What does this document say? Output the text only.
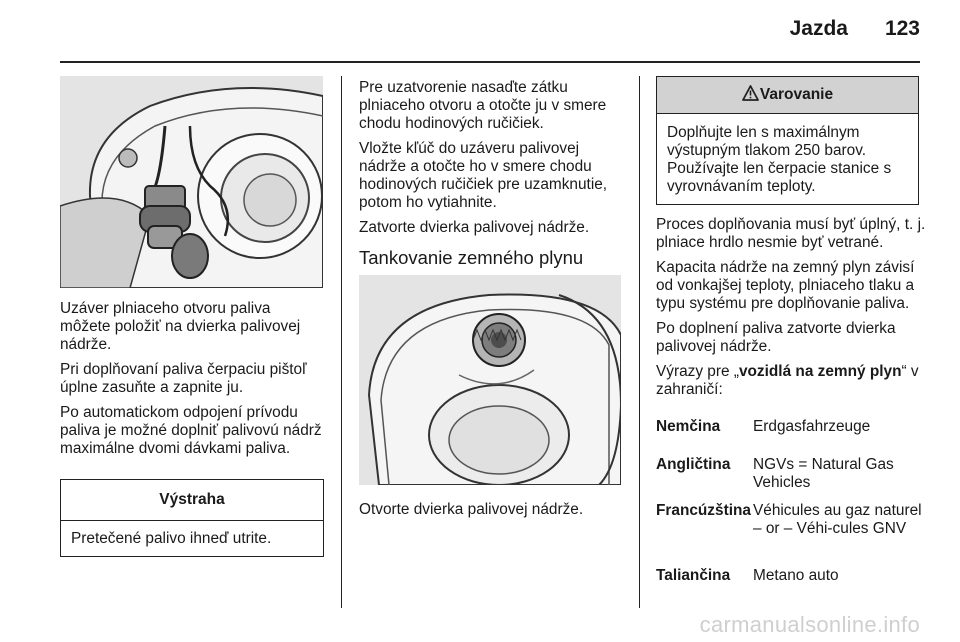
Jazda 123

Uzáver plniaceho otvoru paliva môžete položiť na dvierka palivovej nádrže.

Pri doplňovaní paliva čerpaciu pištoľ úplne zasuňte a zapnite ju.

Po automatickom odpojení prívodu paliva je možné doplniť palivovú nádrž maximálne dvomi dávkami paliva.

Výstraha
Pretečené palivo ihneď utrite.

Pre uzatvorenie nasaďte zátku plniaceho otvoru a otočte ju v smere chodu hodinových ručičiek.

Vložte kľúč do uzáveru palivovej nádrže a otočte ho v smere chodu hodinových ručičiek pre uzamknutie, potom ho vytiahnite.

Zatvorte dvierka palivovej nádrže.

Tankovanie zemného plynu
Otvorte dvierka palivovej nádrže.
Varovanie
Doplňujte len s maximálnym výstupným tlakom 250 barov. Používajte len čerpacie stanice s vyrovnávaním teploty.

Proces doplňovania musí byť úplný, t. j. plniace hrdlo nesmie byť vetrané.

Kapacita nádrže na zemný plyn závisí od vonkajšej teploty, plniaceho tlaku a typu systému pre doplňovanie paliva.

Po doplnení paliva zatvorte dvierka palivovej nádrže.

Výrazy pre „vozidlá na zemný plyn“ v zahraničí:

Nemčina Erdgasfahrzeuge
Angličtina NGVs = Natural Gas Vehicles
Francúzština Véhicules au gaz naturel – or – Véhi-cules GNV
Taliančina Metano auto
carmanualsonline.info
